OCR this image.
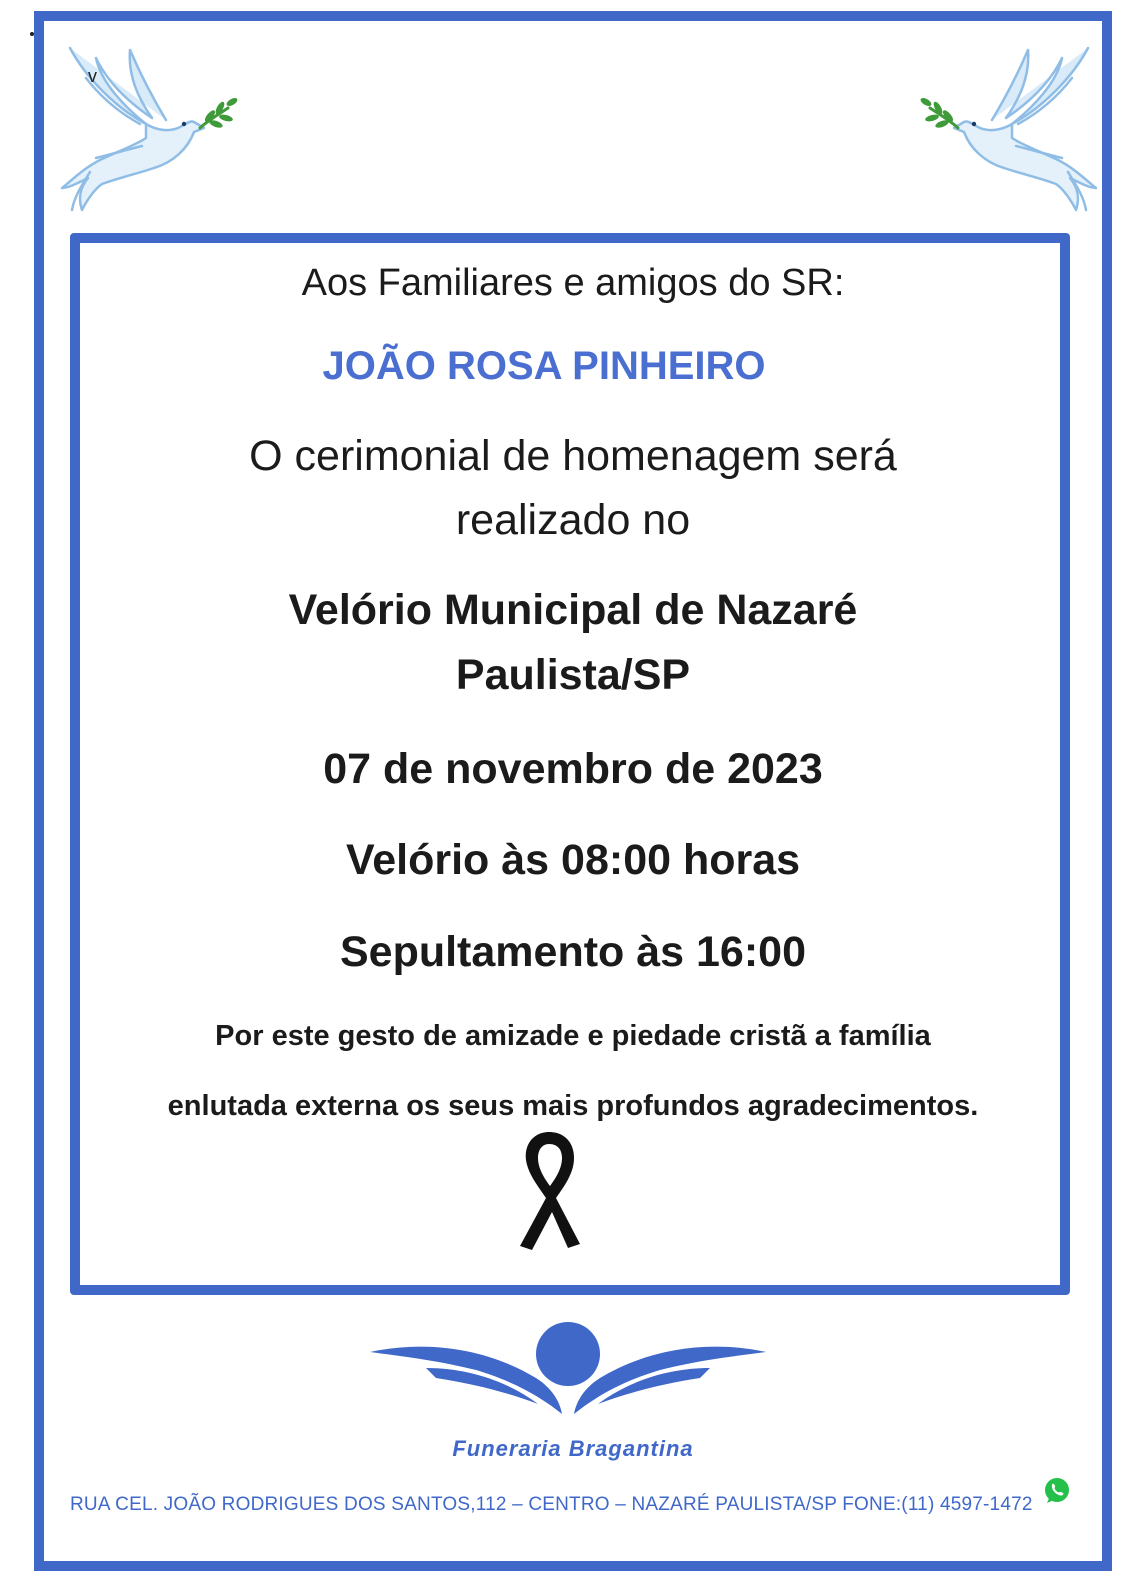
v
Aos Familiares e amigos do SR:
JOÃO ROSA PINHEIRO
O cerimonial de homenagem será
realizado no
Velório Municipal de Nazaré
Paulista/SP
07 de novembro de 2023
Velório às 08:00 horas
Sepultamento às 16:00
Por este gesto de amizade e piedade cristã a família
enlutada externa os seus mais profundos agradecimentos.
Funeraria Bragantina
RUA CEL. JOÃO RODRIGUES DOS SANTOS,112 – CENTRO – NAZARÉ PAULISTA/SP FONE:(11) 4597-1472
